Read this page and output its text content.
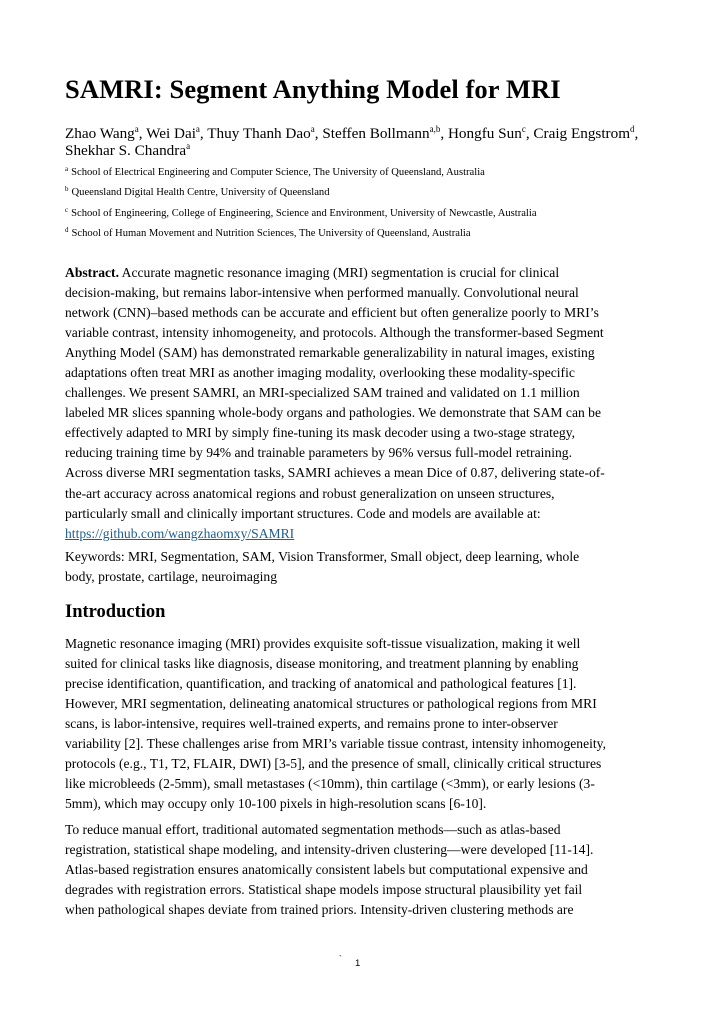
SAMRI: Segment Anything Model for MRI
Zhao Wang$^a$, Wei Dai$^a$, Thuy Thanh Dao$^a$, Steffen Bollmann$^{a,b}$, Hongfu Sun$^c$, Craig Engstrom$^d$, Shekhar S. Chandra$^a$
$^a$ School of Electrical Engineering and Computer Science, The University of Queensland, Australia
$^b$ Queensland Digital Health Centre, University of Queensland
$^c$ School of Engineering, College of Engineering, Science and Environment, University of Newcastle, Australia
$^d$ School of Human Movement and Nutrition Sciences, The University of Queensland, Australia
Abstract. Accurate magnetic resonance imaging (MRI) segmentation is crucial for clinical
decision-making, but remains labor-intensive when performed manually. Convolutional neural
network (CNN)–based methods can be accurate and efficient but often generalize poorly to MRI’s
variable contrast, intensity inhomogeneity, and protocols. Although the transformer-based Segment
Anything Model (SAM) has demonstrated remarkable generalizability in natural images, existing
adaptations often treat MRI as another imaging modality, overlooking these modality-specific
challenges. We present SAMRI, an MRI-specialized SAM trained and validated on 1.1 million
labeled MR slices spanning whole-body organs and pathologies. We demonstrate that SAM can be
effectively adapted to MRI by simply fine-tuning its mask decoder using a two-stage strategy,
reducing training time by 94% and trainable parameters by 96% versus full-model retraining.
Across diverse MRI segmentation tasks, SAMRI achieves a mean Dice of 0.87, delivering state-of-
the-art accuracy across anatomical regions and robust generalization on unseen structures,
particularly small and clinically important structures. Code and models are available at:
https://github.com/wangzhaomxy/SAMRI
Keywords: MRI, Segmentation, SAM, Vision Transformer, Small object, deep learning, whole
body, prostate, cartilage, neuroimaging
Introduction
Magnetic resonance imaging (MRI) provides exquisite soft-tissue visualization, making it well
suited for clinical tasks like diagnosis, disease monitoring, and treatment planning by enabling
precise identification, quantification, and tracking of anatomical and pathological features [1].
However, MRI segmentation, delineating anatomical structures or pathological regions from MRI
scans, is labor-intensive, requires well-trained experts, and remains prone to inter-observer
variability [2]. These challenges arise from MRI’s variable tissue contrast, intensity inhomogeneity,
protocols (e.g., T1, T2, FLAIR, DWI) [3-5], and the presence of small, clinically critical structures
like microbleeds (2-5mm), small metastases (<10mm), thin cartilage (<3mm), or early lesions (3-
5mm), which may occupy only 10-100 pixels in high-resolution scans [6-10].
To reduce manual effort, traditional automated segmentation methods—such as atlas-based
registration, statistical shape modeling, and intensity-driven clustering—were developed [11-14].
Atlas-based registration ensures anatomically consistent labels but computational expensive and
degrades with registration errors. Statistical shape models impose structural plausibility yet fail
when pathological shapes deviate from trained priors. Intensity-driven clustering methods are
` 1
